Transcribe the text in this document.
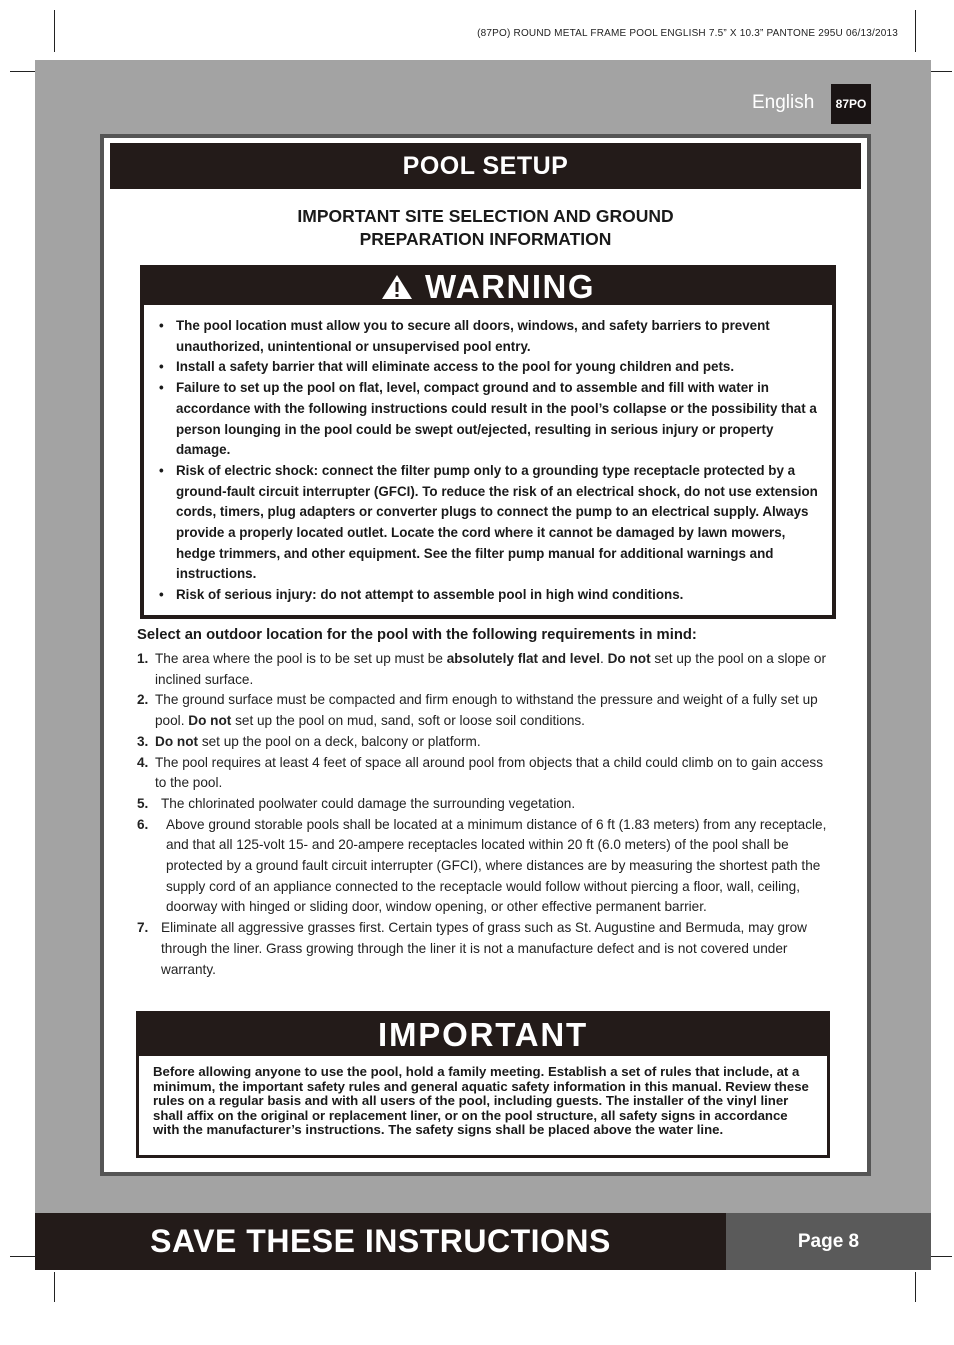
(87PO) ROUND METAL FRAME POOL ENGLISH 7.5” X 10.3” PANTONE 295U 06/13/2013
English	87PO
POOL SETUP
IMPORTANT SITE SELECTION AND GROUND
PREPARATION INFORMATION
WARNING
• The pool location must allow you to secure all doors, windows, and safety barriers to prevent unauthorized, unintentional or unsupervised pool entry.
• Install a safety barrier that will eliminate access to the pool for young children and pets.
• Failure to set up the pool on flat, level, compact ground and to assemble and fill with water in accordance with the following instructions could result in the pool’s collapse or the possibility that a person lounging in the pool could be swept out/ejected, resulting in serious injury or property damage.
• Risk of electric shock: connect the filter pump only to a grounding type receptacle protected by a ground-fault circuit interrupter (GFCI). To reduce the risk of an electrical shock, do not use extension cords, timers, plug adapters or converter plugs to connect the pump to an electrical supply. Always provide a properly located outlet. Locate the cord where it cannot be damaged by lawn mowers, hedge trimmers, and other equipment. See the filter pump manual for additional warnings and instructions.
• Risk of serious injury: do not attempt to assemble pool in high wind conditions.
Select an outdoor location for the pool with the following requirements in mind:
1. The area where the pool is to be set up must be absolutely flat and level. Do not set up the pool on a slope or inclined surface.
2. The ground surface must be compacted and firm enough to withstand the pressure and weight of a fully set up pool. Do not set up the pool on mud, sand, soft or loose soil conditions.
3. Do not set up the pool on a deck, balcony or platform.
4. The pool requires at least 4 feet of space all around pool from objects that a child could climb on to gain access to the pool.
5. The chlorinated poolwater could damage the surrounding vegetation.
6. Above ground storable pools shall be located at a minimum distance of 6 ft (1.83 meters) from any receptacle, and that all 125-volt 15- and 20-ampere receptacles located within 20 ft (6.0 meters) of the pool shall be protected by a ground fault circuit interrupter (GFCI), where distances are by measuring the shortest path the supply cord of an appliance connected to the receptacle would follow without piercing a floor, wall, ceiling, doorway with hinged or sliding door, window opening, or other effective permanent barrier.
7. Eliminate all aggressive grasses first. Certain types of grass such as St. Augustine and Bermuda, may grow through the liner. Grass growing through the liner it is not a manufacture defect and is not covered under warranty.
IMPORTANT
Before allowing anyone to use the pool, hold a family meeting. Establish a set of rules that include, at a minimum, the important safety rules and general aquatic safety information in this manual. Review these rules on a regular basis and with all users of the pool, including guests. The installer of the vinyl liner shall affix on the original or replacement liner, or on the pool structure, all safety signs in accordance with the manufacturer’s instructions. The safety signs shall be placed above the water line.
SAVE THESE INSTRUCTIONS	Page 8
